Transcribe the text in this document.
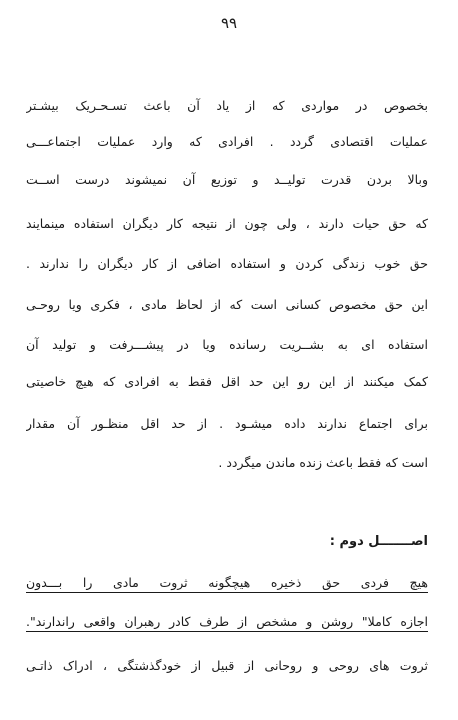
۹۹
بخصوص در مواردی که از یاد آن باعث تسـحـریک بیشـتر
عملیات اقتصادی گردد . افرادی که وارد عملیات اجتماعـــی
وبالا بردن قدرت تولیــد و توزیع آن نمیشوند درست اســت
که حق حیات دارند ، ولی چون از نتیجه کار دیگران استفاده مینمایند
حق خوب زندگی کردن و استفاده اضافی از کار دیگران را ندارند .
این حق مخصوص کسانی است که از لحاظ مادی ، فکری ویا روحـی
استفاده ای به بشــریت رسانده ویا در پیشـــرفت و تولید آن
کمک میکنند از این رو این حد اقل فقط به افرادی که هیچ خاصیتی
برای اجتماع ندارند داده میشـود . از حد اقل منظـور آن مقدار
است که فقط باعث زنده ماندن میگردد .
اصـــــــل دوم :
هیچ فردی حق ذخیره هیچگونه ثروت مادی را بـــدون
اجازه کاملا" روشن و مشخص از طرف کادر رهبران واقعی راندارند".
ثروت های روحی و روحانی از قبیل از خودگذشتگی ، ادراک ذاتـی
